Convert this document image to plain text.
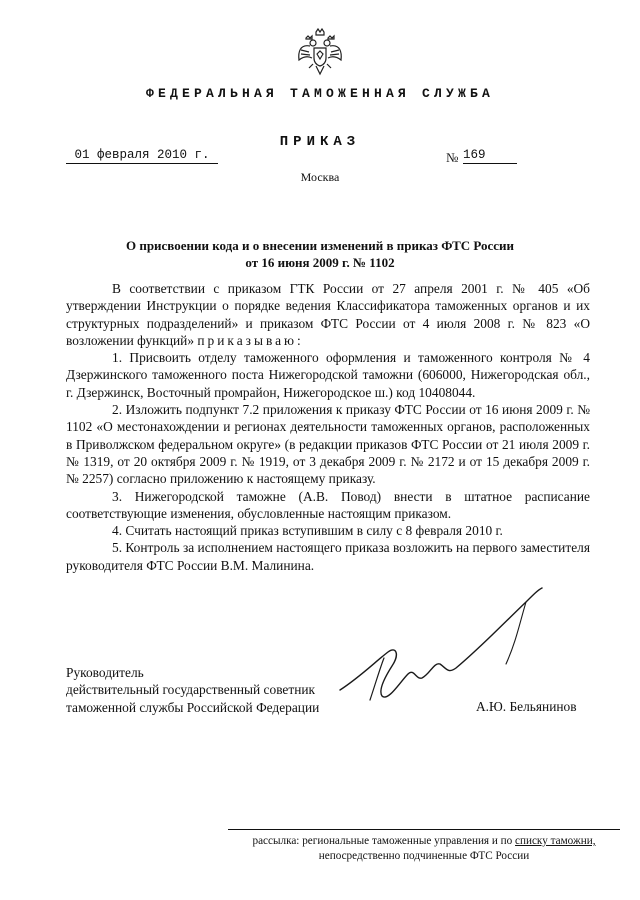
ФЕДЕРАЛЬНАЯ ТАМОЖЕННАЯ СЛУЖБА
ПРИКАЗ
01 февраля 2010 г.	№ 169
Москва
О присвоении кода и о внесении изменений в приказ ФТС России
от 16 июня 2009 г. № 1102

В соответствии с приказом ГТК России от 27 апреля 2001 г. № 405 «Об утверждении Инструкции о порядке ведения Классификатора таможенных органов и их структурных подразделений» и приказом ФТС России от 4 июля 2008 г. № 823 «О возложении функций» приказываю:

1. Присвоить отделу таможенного оформления и таможенного контроля № 4 Дзержинского таможенного поста Нижегородской таможни (606000, Нижегородская обл., г. Дзержинск, Восточный промрайон, Нижегородское ш.) код 10408044.

2. Изложить подпункт 7.2 приложения к приказу ФТС России от 16 июня 2009 г. № 1102 «О местонахождении и регионах деятельности таможенных органов, расположенных в Приволжском федеральном округе» (в редакции приказов ФТС России от 21 июля 2009 г. № 1319, от 20 октября 2009 г. № 1919, от 3 декабря 2009 г. № 2172 и от 15 декабря 2009 г. № 2257) согласно приложению к настоящему приказу.

3. Нижегородской таможне (А.В. Повод) внести в штатное расписание соответствующие изменения, обусловленные настоящим приказом.

4. Считать настоящий приказ вступившим в силу с 8 февраля 2010 г.

5. Контроль за исполнением настоящего приказа возложить на первого заместителя руководителя ФТС России В.М. Малинина.

Руководитель
действительный государственный советник
таможенной службы Российской Федерации	А.Ю. Бельянинов
рассылка: региональные таможенные управления и по списку таможни,
непосредственно подчиненные ФТС России
